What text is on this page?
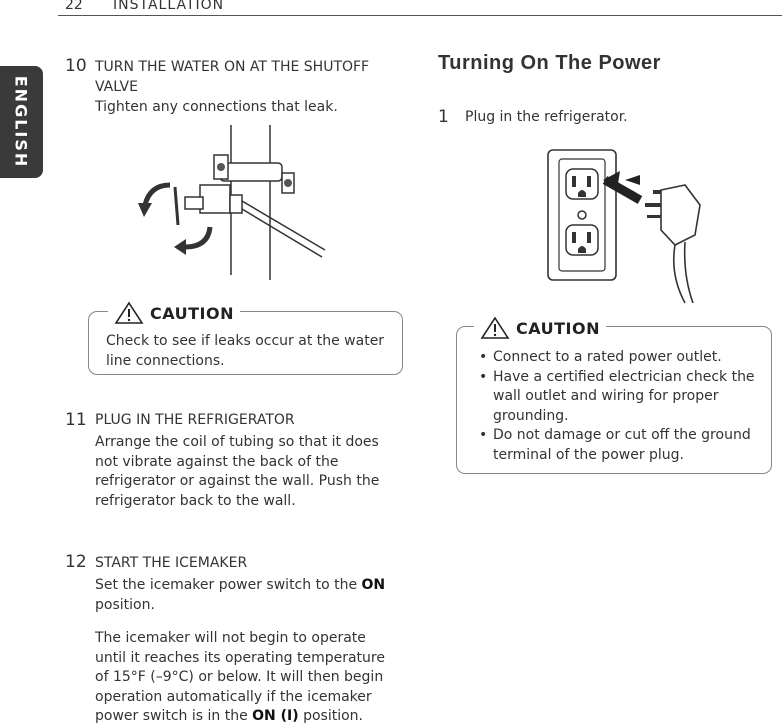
22 INSTALLATION
ENGLISH
10 TURN THE WATER ON AT THE SHUTOFF VALVE
Tighten any connections that leak.
CAUTION
Check to see if leaks occur at the water line connections.
11 PLUG IN THE REFRIGERATOR
Arrange the coil of tubing so that it does not vibrate against the back of the refrigerator or against the wall. Push the refrigerator back to the wall.
12 START THE ICEMAKER
Set the icemaker power switch to the ON position.
The icemaker will not begin to operate until it reaches its operating temperature of 15°F (–9°C) or below. It will then begin operation automatically if the icemaker power switch is in the ON (I) position.
Turning On The Power
1 Plug in the refrigerator.
CAUTION
• Connect to a rated power outlet.
• Have a certified electrician check the wall outlet and wiring for proper grounding.
• Do not damage or cut off the ground terminal of the power plug.
